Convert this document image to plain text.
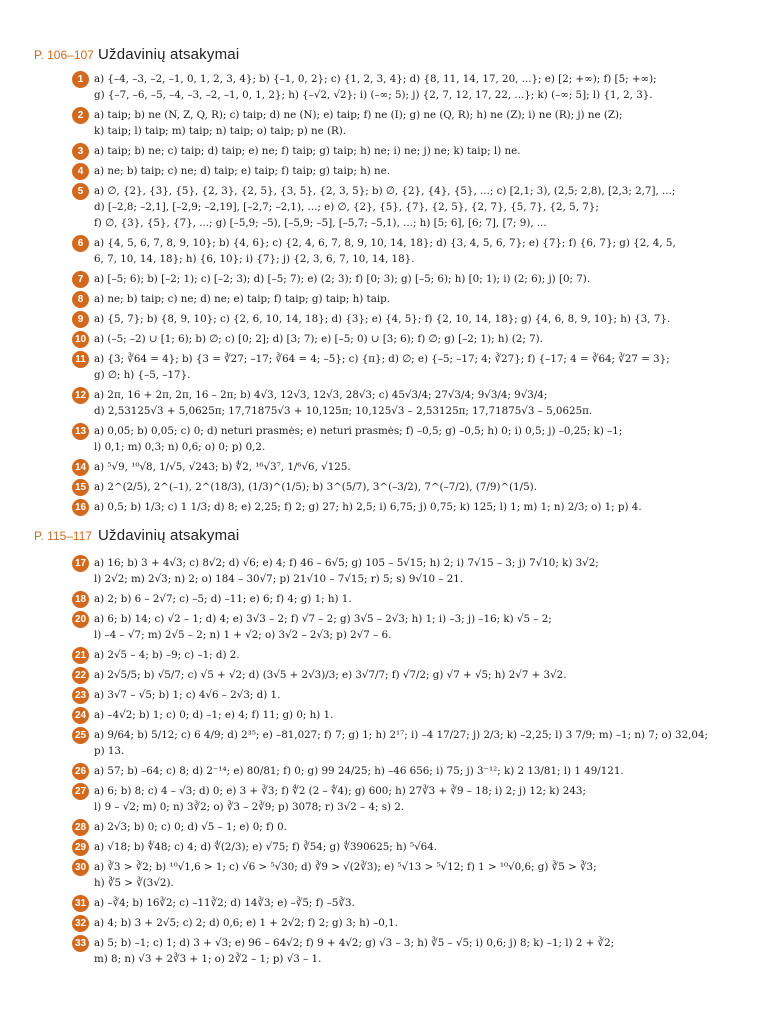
P. 106–107 Uždavinių atsakymai
1	a) {–4, –3, –2, –1, 0, 1, 2, 3, 4}; b) {–1, 0, 2}; c) {1, 2, 3, 4}; d) {8, 11, 14, 17, 20, ...}; e) [2; +∞); f) [5; +∞);
g) {–7, –6, –5, –4, –3, –2, –1, 0, 1, 2}; h) {–√2, √2}; i) (–∞; 5); j) {2, 7, 12, 17, 22, ...}; k) (–∞; 5]; l) {1, 2, 3}.
2	a) taip; b) ne (N, Z, Q, R); c) taip; d) ne (N); e) taip; f) ne (I); g) ne (Q, R); h) ne (Z); i) ne (R); j) ne (Z);
k) taip; l) taip; m) taip; n) taip; o) taip; p) ne (R).
3	a) taip; b) ne; c) taip; d) taip; e) ne; f) taip; g) taip; h) ne; i) ne; j) ne; k) taip; l) ne.
4	a) ne; b) taip; c) ne; d) taip; e) taip; f) taip; g) taip; h) ne.
5	a) ∅, {2}, {3}, {5}, {2, 3}, {2, 5}, {3, 5}, {2, 3, 5}; b) ∅, {2}, {4}, {5}, ...; c) [2,1; 3), (2,5; 2,8), [2,3; 2,7], ...;
d) [–2,8; –2,1], [–2,9; –2,19], [–2,7; –2,1), ...; e) ∅, {2}, {5}, {7}, {2, 5}, {2, 7}, {5, 7}, {2, 5, 7};
f) ∅, {3}, {5}, {7}, ...; g) [–5,9; –5), [–5,9; –5], [–5,7; –5,1), ...; h) [5; 6], [6; 7], [7; 9), ...
6	a) {4, 5, 6, 7, 8, 9, 10}; b) {4, 6}; c) {2, 4, 6, 7, 8, 9, 10, 14, 18}; d) {3, 4, 5, 6, 7}; e) {7}; f) {6, 7}; g) {2, 4, 5,
6, 7, 10, 14, 18}; h) {6, 10}; i) {7}; j) {2, 3, 6, 7, 10, 14, 18}.
7	a) [–5; 6); b) [–2; 1); c) [–2; 3); d) [–5; 7); e) (2; 3); f) [0; 3); g) [–5; 6); h) [0; 1); i) (2; 6); j) [0; 7).
8	a) ne; b) taip; c) ne; d) ne; e) taip; f) taip; g) taip; h) taip.
9	a) {5, 7}; b) {8, 9, 10}; c) {2, 6, 10, 14, 18}; d) {3}; e) {4, 5}; f) {2, 10, 14, 18}; g) {4, 6, 8, 9, 10}; h) {3, 7}.
10 a) (–5; –2) ∪ [1; 6); b) ∅; c) [0; 2]; d) [3; 7); e) [–5; 0) ∪ [3; 6); f) ∅; g) [–2; 1); h) (2; 7).
11 a) {3; ∛64 = 4}; b) {3 = ∛27; –17; ∛64 = 4; –5}; c) {π}; d) ∅; e) {–5; –17; 4; ∛27}; f) {–17; 4 = ∛64; ∛27 = 3};
g) ∅; h) {–5, –17}.
12 a) 2π, 16 + 2π, 2π, 16 – 2π; b) 4√3, 12√3, 12√3, 28√3; c) 45√3/4; 27√3/4; 9√3/4; 9√3/4;
d) 2,53125√3 + 5,0625π; 17,71875√3 + 10,125π; 10,125√3 – 2,53125π; 17,71875√3 – 5,0625π.
13 a) 0,05; b) 0,05; c) 0; d) neturi prasmės; e) neturi prasmės; f) –0,5; g) –0,5; h) 0; i) 0,5; j) –0,25; k) –1;
l) 0,1; m) 0,3; n) 0,6; o) 0; p) 0,2.
14 a) ⁵√9, ¹⁰√8, 1/√5, √243; b) ∜2, ¹⁶√3⁷, 1/⁶√6, √125.
15 a) 2^(2/5), 2^(–1), 2^(18/3), (1/3)^(1/5); b) 3^(5/7), 3^(–3/2), 7^(–7/2), (7/9)^(1/5).
16 a) 0,5; b) 1/3; c) 1 1/3; d) 8; e) 2,25; f) 2; g) 27; h) 2,5; i) 6,75; j) 0,75; k) 125; l) 1; m) 1; n) 2/3; o) 1; p) 4.
P. 115–117 Uždavinių atsakymai
17 a) 16; b) 3 + 4√3; c) 8√2; d) √6; e) 4; f) 46 – 6√5; g) 105 – 5√15; h) 2; i) 7√15 – 3; j) 7√10; k) 3√2;
l) 2√2; m) 2√3; n) 2; o) 184 – 30√7; p) 21√10 – 7√15; r) 5; s) 9√10 – 21.
18 a) 2; b) 6 – 2√7; c) –5; d) –11; e) 6; f) 4; g) 1; h) 1.
20 a) 6; b) 14; c) √2 – 1; d) 4; e) 3√3 – 2; f) √7 – 2; g) 3√5 – 2√3; h) 1; i) –3; j) –16; k) √5 – 2;
l) –4 – √7; m) 2√5 – 2; n) 1 + √2; o) 3√2 – 2√3; p) 2√7 – 6.
21 a) 2√5 – 4; b) –9; c) –1; d) 2.
22 a) 2√5/5; b) √5/7; c) √5 + √2; d) (3√5 + 2√3)/3; e) 3√7/7; f) √7/2; g) √7 + √5; h) 2√7 + 3√2.
23 a) 3√7 – √5; b) 1; c) 4√6 – 2√3; d) 1.
24 a) –4√2; b) 1; c) 0; d) –1; e) 4; f) 11; g) 0; h) 1.
25 a) 9/64; b) 5/12; c) 6 4/9; d) 2³⁵; e) –81,027; f) 7; g) 1; h) 2¹⁷; i) –4 17/27; j) 2/3; k) –2,25; l) 3 7/9; m) –1; n) 7; o) 32,04;
p) 13.
26 a) 57; b) –64; c) 8; d) 2⁻¹⁴; e) 80/81; f) 0; g) 99 24/25; h) –46 656; i) 75; j) 3⁻¹²; k) 2 13/81; l) 1 49/121.
27 a) 6; b) 8; c) 4 – √3; d) 0; e) 3 + ∛3; f) ∜2 (2 – ∜4); g) 600; h) 27∛3 + ∛9 – 18; i) 2; j) 12; k) 243;
l) 9 – √2; m) 0; n) 3∛2; o) ∛3 – 2∛9; p) 3078; r) 3√2 – 4; s) 2.
28 a) 2√3; b) 0; c) 0; d) √5 – 1; e) 0; f) 0.
29 a) √18; b) ∜48; c) 4; d) ∜(2/3); e) √75; f) ∛54; g) ∜390625; h) ⁵√64.
30 a) ∛3 > ∛2; b) ¹⁰√1,6 > 1; c) √6 > ⁵√30; d) ∛9 > √(2∛3); e) ⁵√13 > ⁵√12; f) 1 > ¹⁰√0,6; g) ∛5 > ∛3;
h) ∛5 > ∛(3√2).
31 a) –∛4; b) 16∛2; c) –11∛2; d) 14∛3; e) –∛5; f) –5∛3.
32 a) 4; b) 3 + 2√5; c) 2; d) 0,6; e) 1 + 2√2; f) 2; g) 3; h) –0,1.
33 a) 5; b) –1; c) 1; d) 3 + √3; e) 96 – 64√2; f) 9 + 4√2; g) √3 – 3; h) ∛5 – √5; i) 0,6; j) 8; k) –1; l) 2 + ∛2;
m) 8; n) √3 + 2∛3 + 1; o) 2∛2 – 1; p) √3 – 1.
